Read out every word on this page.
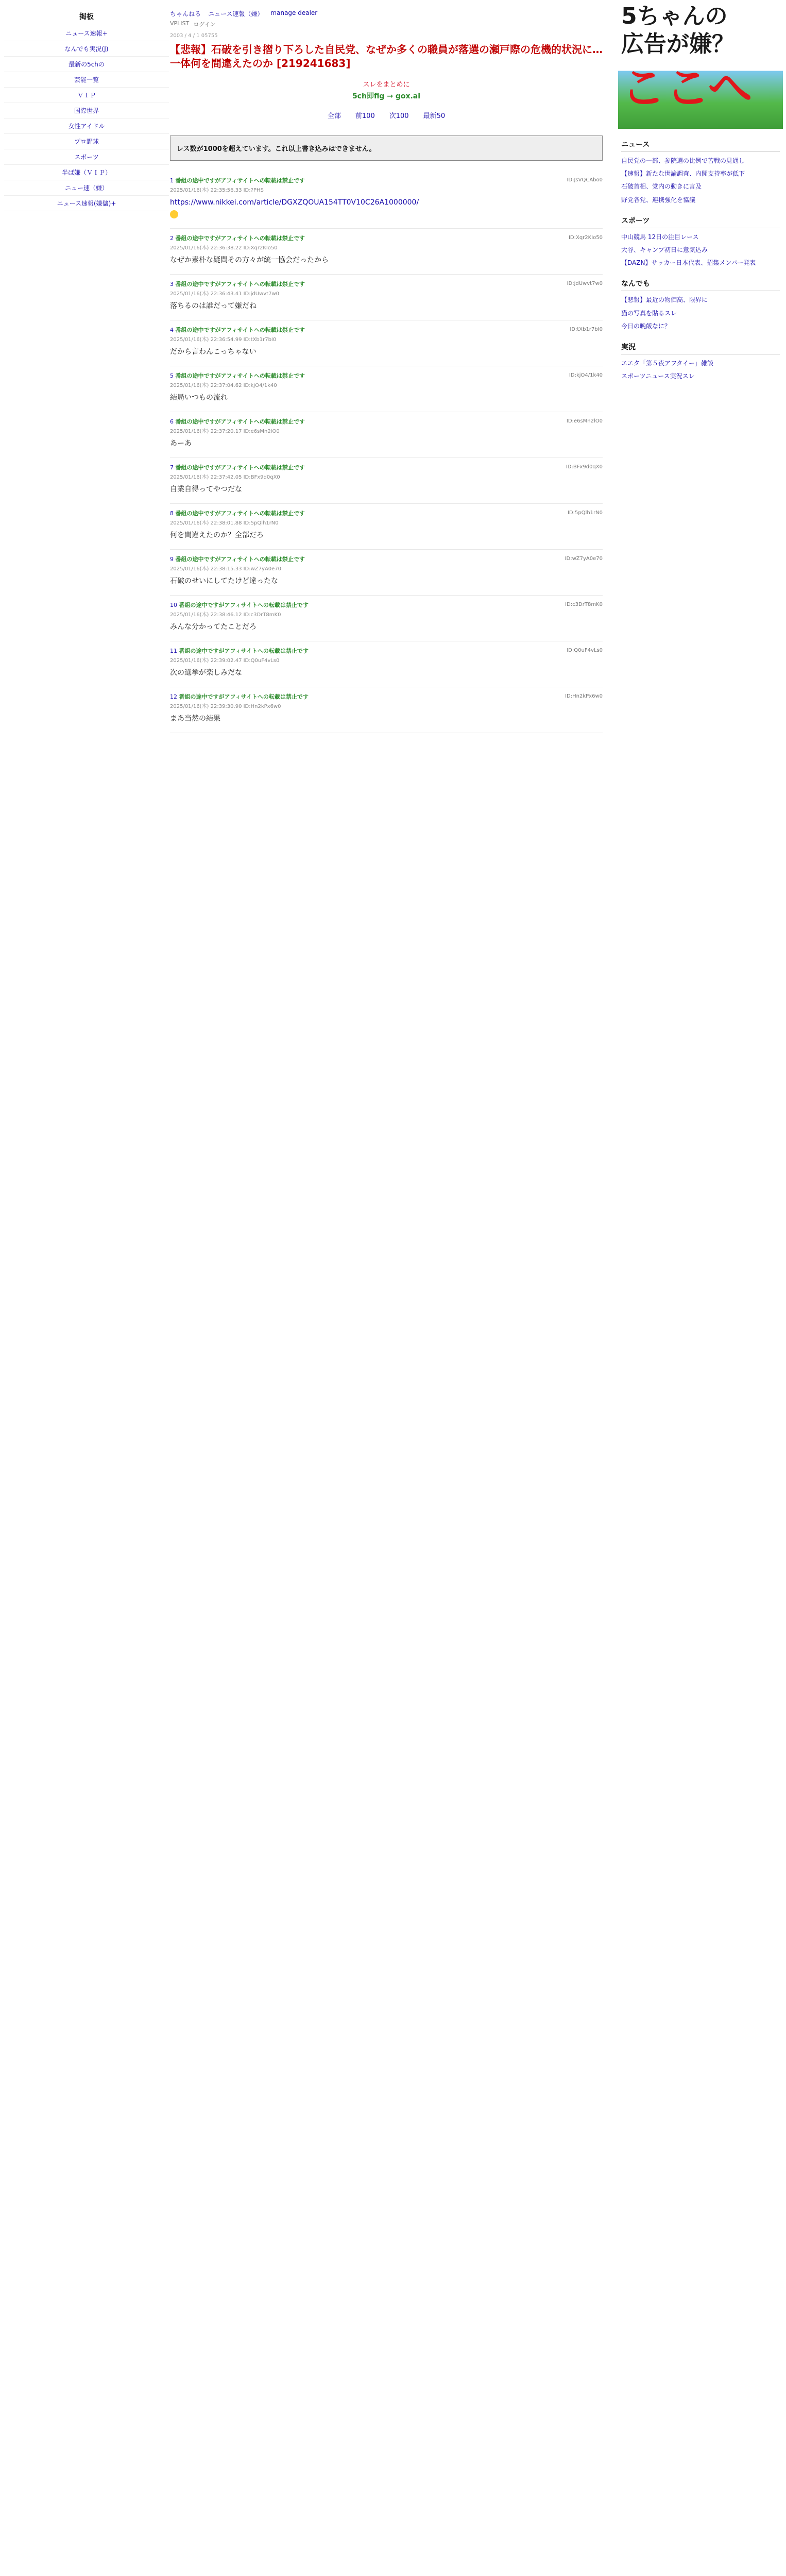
掲板
ニュース速報+
なんでも実況(J)
最新の5chの
芸能一覧
ＶＩＰ
国際世界
女性アイドル
プロ野球
スポーツ
半ば嫌（ＶＩＰ）
ニュー速（嫌）
ニュース速報(嫌儲)+
ちゃんねる ニュース速報（嫌） manage dealer
VPLIST ログイン
【悲報】石破を引き摺り下ろした自民党、なぜか多くの職員が落選の瀬戸際の危機的状況に…一体何を間違えたのか [219241683]
スレをまとめに
5ch即fig → gox.ai
全部 前100 次100 最新50
レス数が1000を超えています。これ以上書き込みはできません。
1 番組の途中ですがアフィサイトへの転載は禁止です
2025/01/16(木) 22:35:56.33 ID:?PHS
ID:JsVQCAbo0
https://www.nikkei.com/article/DGXZQOUA154TT0V10C26A1000000/
2 番組の途中ですがアフィサイトへの転載は禁止です
2025/01/16(木) 22:36:38.22 ID:Xqr2KIo50
ID:Xqr2KIo50
なぜか素朴な疑問その方々が統一協会だったから
3 番組の途中ですがアフィサイトへの転載は禁止です
2025/01/16(木) 22:36:43.41 ID:jdUwvt7w0
ID:jdUwvt7w0
落ちるのは誰だって嫌だね
4 番組の途中ですがアフィサイトへの転載は禁止です
2025/01/16(木) 22:36:54.99 ID:tXb1r7bI0
ID:tXb1r7bI0
だから言わんこっちゃない
5 番組の途中ですがアフィサイトへの転載は禁止です
2025/01/16(木) 22:37:04.62 ID:kjO4/1k40
ID:kjO4/1k40
結局いつもの流れ
6 番組の途中ですがアフィサイトへの転載は禁止です
2025/01/16(木) 22:37:20.17 ID:e6sMn2lO0
ID:e6sMn2lO0
あーあ
7 番組の途中ですがアフィサイトへの転載は禁止です
2025/01/16(木) 22:37:42.05 ID:BFx9d0qX0
ID:BFx9d0qX0
自業自得ってやつだな
8 番組の途中ですがアフィサイトへの転載は禁止です
2025/01/16(木) 22:38:01.88 ID:5pQlh1rN0
ID:5pQlh1rN0
何を間違えたのか？全部だろ
9 番組の途中ですがアフィサイトへの転載は禁止です
2025/01/16(木) 22:38:15.33 ID:wZ7yA0e70
ID:wZ7yA0e70
石破のせいにしてたけど違ったな
10 番組の途中ですがアフィサイトへの転載は禁止です
2025/01/16(木) 22:38:46.12 ID:c3DrT8mK0
ID:c3DrT8mK0
みんな分かってたことだろ
11 番組の途中ですがアフィサイトへの転載は禁止です
2025/01/16(木) 22:39:02.47 ID:Q0uF4vLs0
ID:Q0uF4vLs0
次の選挙が楽しみだな
12 番組の途中ですがアフィサイトへの転載は禁止です
2025/01/16(木) 22:39:30.90 ID:Hn2kPx6w0
ID:Hn2kPx6w0
まあ当然の結果
2003 / 4 / 1 05755
5ちゃんの
広告が嫌？
ここへ
ニュース
自民党の一部、参院選の比例で苦戦の見通し
【速報】新たな世論調査、内閣支持率が低下
石破首相、党内の動きに言及
野党各党、連携強化を協議
スポーツ
中山競馬 12日の注目レース
大谷、キャンプ初日に意気込み
【DAZN】サッカー日本代表、招集メンバー発表
なんでも
【悲報】最近の物価高、限界に
猫の写真を貼るスレ
今日の晩飯なに？
実況
エエタ「第５夜アフタイー」雑談
スポーツニュース実況スレ
